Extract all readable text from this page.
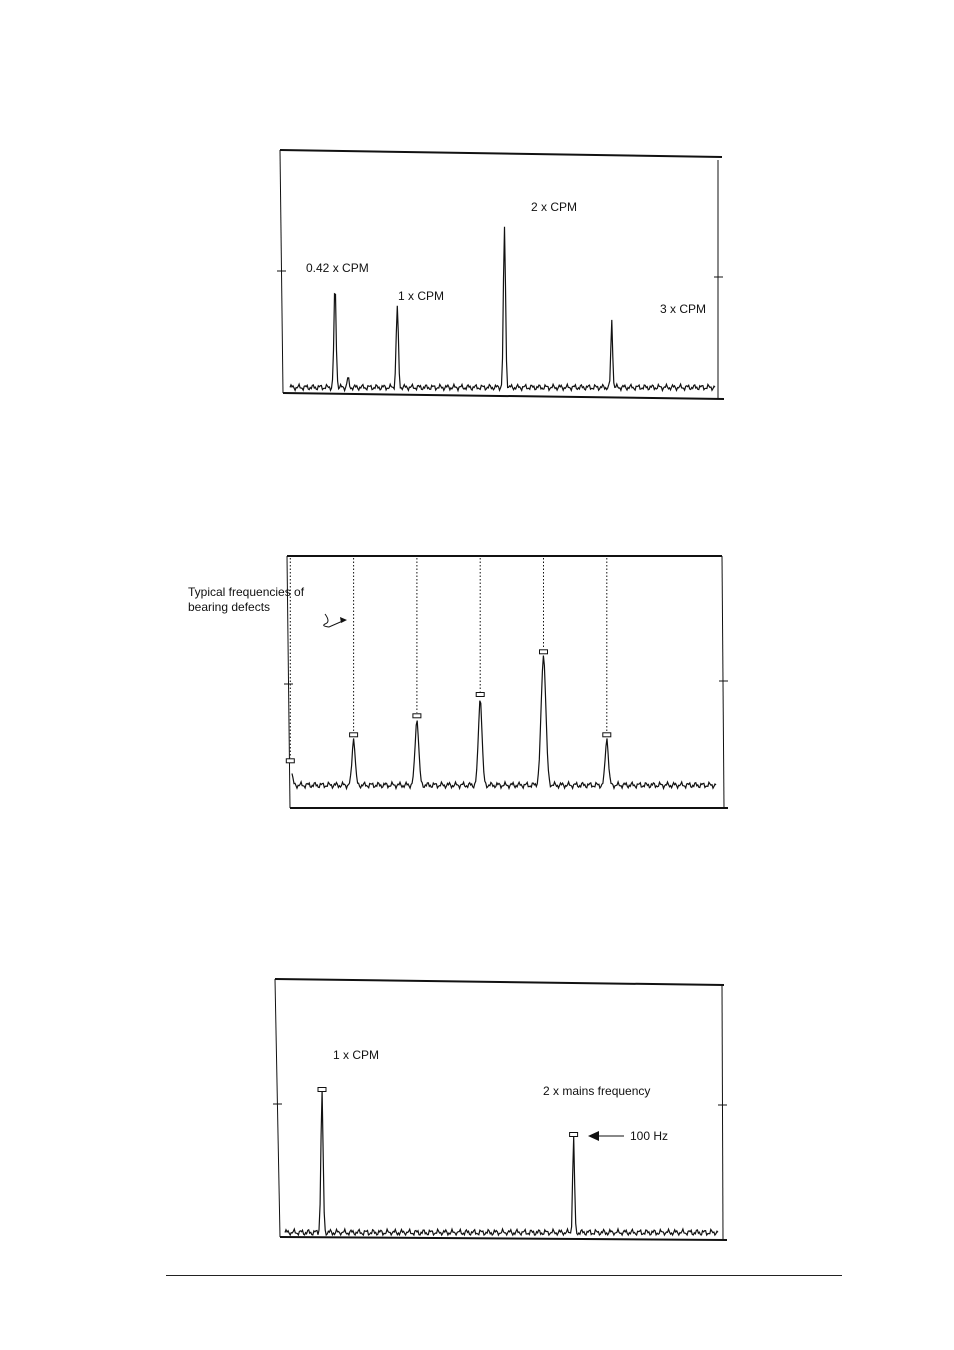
0.42 x CPM
1 x CPM
2 x CPM
3 x CPM
Typical frequencies of
bearing defects
1 x CPM
2 x mains frequency
100 Hz
